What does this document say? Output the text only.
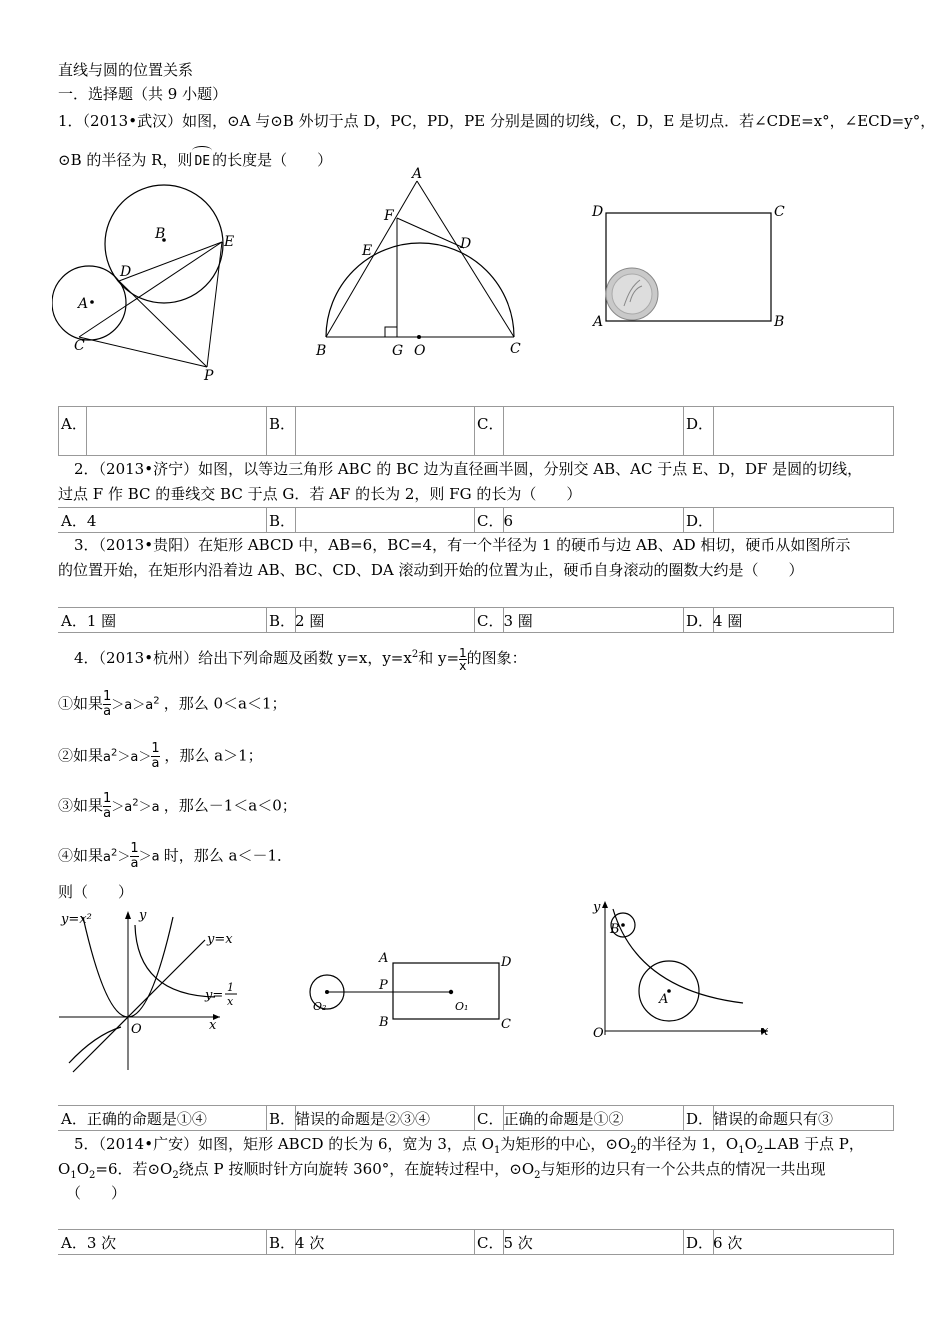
直线与圆的位置关系
一．选择题（共 9 小题）
1．（2013•武汉）如图，⊙A 与⊙B 外切于点 D，PC，PD，PE 分别是圆的切线，C，D，E 是切点．若∠CDE=x°，∠ECD=y°，
⊙B 的半径为 R，则 DE 的长度是（　　）
A
B
C
D
E
P
A
F
E	D
B	G O	C
D	C
A	B
A．	B．	C．	D．
2．（2013•济宁）如图，以等边三角形 ABC 的 BC 边为直径画半圆，分别交 AB、AC 于点 E、D，DF 是圆的切线，
过点 F 作 BC 的垂线交 BC 于点 G．若 AF 的长为 2，则 FG 的长为（　　）
A．4	B．	C．6	D．
3．（2013•贵阳）在矩形 ABCD 中，AB=6，BC=4，有一个半径为 1 的硬币与边 AB、AD 相切，硬币从如图所示
的位置开始，在矩形内沿着边 AB、BC、CD、DA 滚动到开始的位置为止，硬币自身滚动的圈数大约是（　　）
A．1 圈	B．2 圈	C．3 圈	D．4 圈
4．（2013•杭州）给出下列命题及函数 y=x，$y=x^2$和 $y= \frac{1}{x}$ 的图象：
①如果 $\frac{1}{a} >a>a^2$ ，那么 0＜a＜1；
②如果$a^2>a> \frac{1}{a}$ ，那么 a＞1；
③如果 $\frac{1}{a} >a^2>a$ ，那么－1＜a＜0；
④如果$a^2> \frac{1}{a} >a$ 时，那么 a＜－1．
则（　　）
y=x²	y
y=x
y=
1
x
O	x
A	D
P
O₂	O₁
B	C
y
B
A
O	x
A．正确的命题是①④	B．错误的命题是②③④	C．正确的命题是①②	D．错误的命题只有③
5．（2014•广安）如图，矩形 ABCD 的长为 6，宽为 3，点 $O_1$为矩形的中心，$⊙O_2$的半径为 1，$O_1O_2\perp AB$ 于点 P，
$O_1O_2=6$．若$⊙O_2$绕点 P 按顺时针方向旋转 360°，在旋转过程中，$⊙O_2$与矩形的边只有一个公共点的情况一共出现
（　　）
A．3 次	B．4 次	C．5 次	D．6 次
